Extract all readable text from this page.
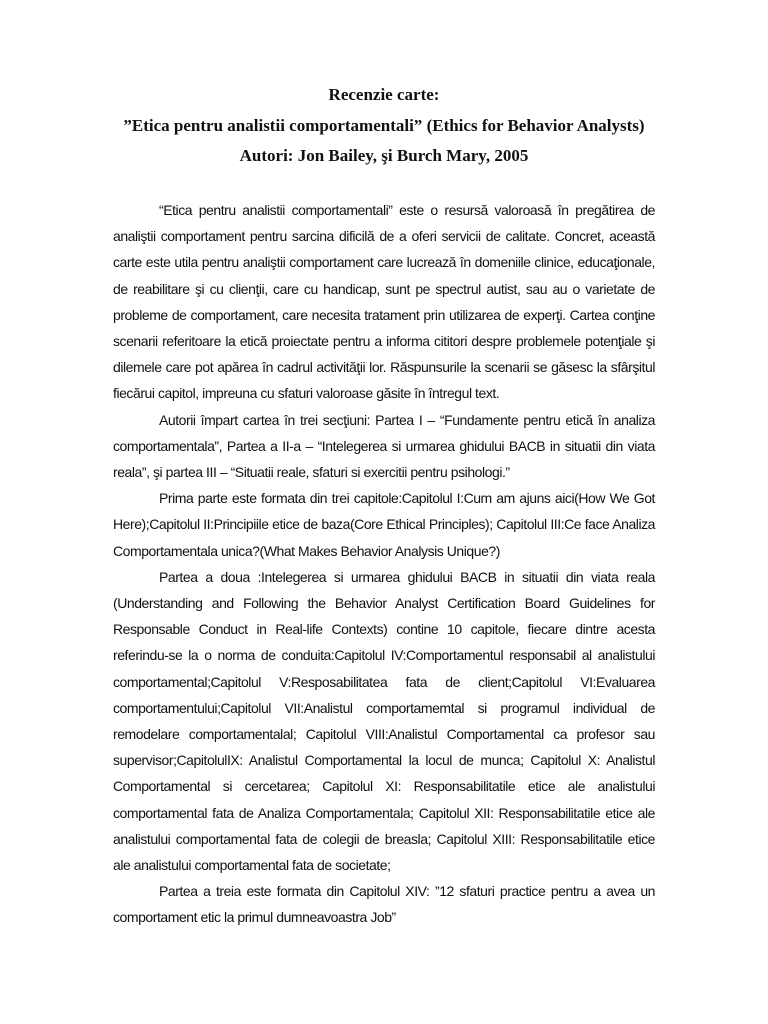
Recenzie carte:
”Etica pentru analistii comportamentali” (Ethics for Behavior Analysts)
Autori: Jon Bailey, şi Burch Mary, 2005

“Etica pentru analistii comportamentali” este o resursă valoroasă în pregătirea de analiştii comportament pentru sarcina dificilă de a oferi servicii de calitate. Concret, această carte este utila pentru analiştii comportament care lucrează în domeniile clinice, educaţionale, de reabilitare şi cu clienţii, care cu handicap, sunt pe spectrul autist, sau au o varietate de probleme de comportament, care necesita tratament prin utilizarea de experţi. Cartea conţine scenarii referitoare la etică proiectate pentru a informa cititori despre problemele potenţiale şi dilemele care pot apărea în cadrul activităţii lor. Răspunsurile la scenarii se găsesc la sfârşitul fiecărui capitol, impreuna cu sfaturi valoroase găsite în întregul text.

Autorii împart cartea în trei secţiuni: Partea I – “Fundamente pentru etică în analiza comportamentala”, Partea a II-a – “Intelegerea si urmarea ghidului BACB in situatii din viata reala”, şi partea III – “Situatii reale, sfaturi si exercitii pentru psihologi.”

Prima parte este formata din trei capitole:Capitolul I:Cum am ajuns aici(How We Got Here);Capitolul II:Principiile etice de baza(Core Ethical Principles); Capitolul III:Ce face Analiza Comportamentala unica?(What Makes Behavior Analysis Unique?)

Partea a doua :Intelegerea si urmarea ghidului BACB in situatii din viata reala (Understanding and Following the Behavior Analyst Certification Board Guidelines for Responsable Conduct in Real-life Contexts) contine 10 capitole, fiecare dintre acesta referindu-se la o norma de conduita:Capitolul IV:Comportamentul responsabil al analistului comportamental;Capitolul V:Resposabilitatea fata de client;Capitolul VI:Evaluarea comportamentului;Capitolul VII:Analistul comportamemtal si programul individual de remodelare comportamentalal; Capitolul VIII:Analistul Comportamental ca profesor sau supervisor;CapitolulIX: Analistul Comportamental la locul de munca; Capitolul X: Analistul Comportamental si cercetarea; Capitolul XI: Responsabilitatile etice ale analistului comportamental fata de Analiza Comportamentala; Capitolul XII: Responsabilitatile etice ale analistului comportamental fata de colegii de breasla; Capitolul XIII: Responsabilitatile etice ale analistului comportamental fata de societate;

Partea a treia este formata din Capitolul XIV: ”12 sfaturi practice pentru a avea un comportament etic la primul dumneavoastra Job”
